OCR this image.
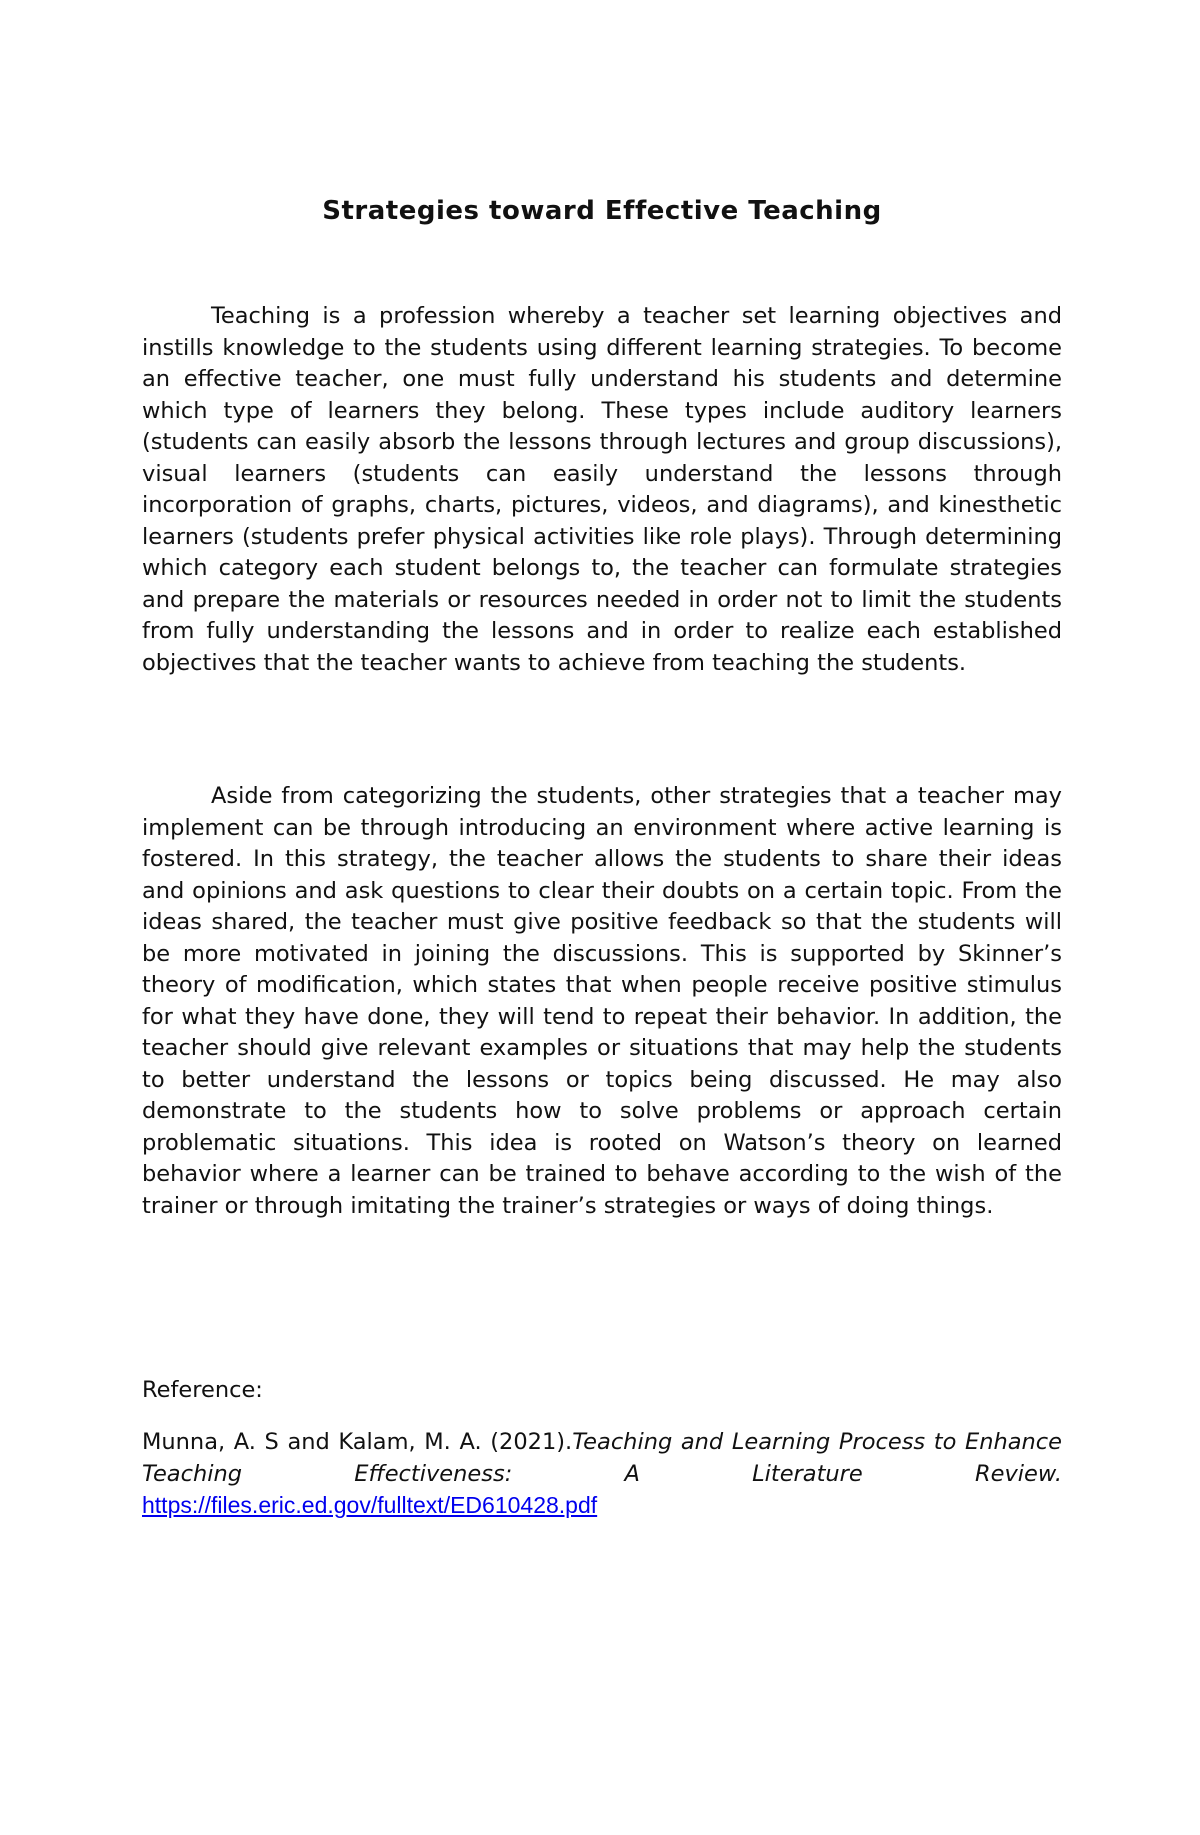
Strategies toward Effective Teaching

Teaching is a profession whereby a teacher set learning objectives and instills knowledge to the students using different learning strategies. To become an effective teacher, one must fully understand his students and determine which type of learners they belong. These types include auditory learners (students can easily absorb the lessons through lectures and group discussions), visual learners (students can easily understand the lessons through incorporation of graphs, charts, pictures, videos, and diagrams), and kinesthetic learners (students prefer physical activities like role plays). Through determining which category each student belongs to, the teacher can formulate strategies and prepare the materials or resources needed in order not to limit the students from fully understanding the lessons and in order to realize each established objectives that the teacher wants to achieve from teaching the students.

Aside from categorizing the students, other strategies that a teacher may implement can be through introducing an environment where active learning is fostered. In this strategy, the teacher allows the students to share their ideas and opinions and ask questions to clear their doubts on a certain topic. From the ideas shared, the teacher must give positive feedback so that the students will be more motivated in joining the discussions. This is supported by Skinner’s theory of modification, which states that when people receive positive stimulus for what they have done, they will tend to repeat their behavior. In addition, the teacher should give relevant examples or situations that may help the students to better understand the lessons or topics being discussed. He may also demonstrate to the students how to solve problems or approach certain problematic situations. This idea is rooted on Watson’s theory on learned behavior where a learner can be trained to behave according to the wish of the trainer or through imitating the trainer’s strategies or ways of doing things.

Reference:

Munna, A. S and Kalam, M. A. (2021).Teaching and Learning Process to Enhance Teaching Effectiveness: A Literature Review. https://files.eric.ed.gov/fulltext/ED610428.pdf
